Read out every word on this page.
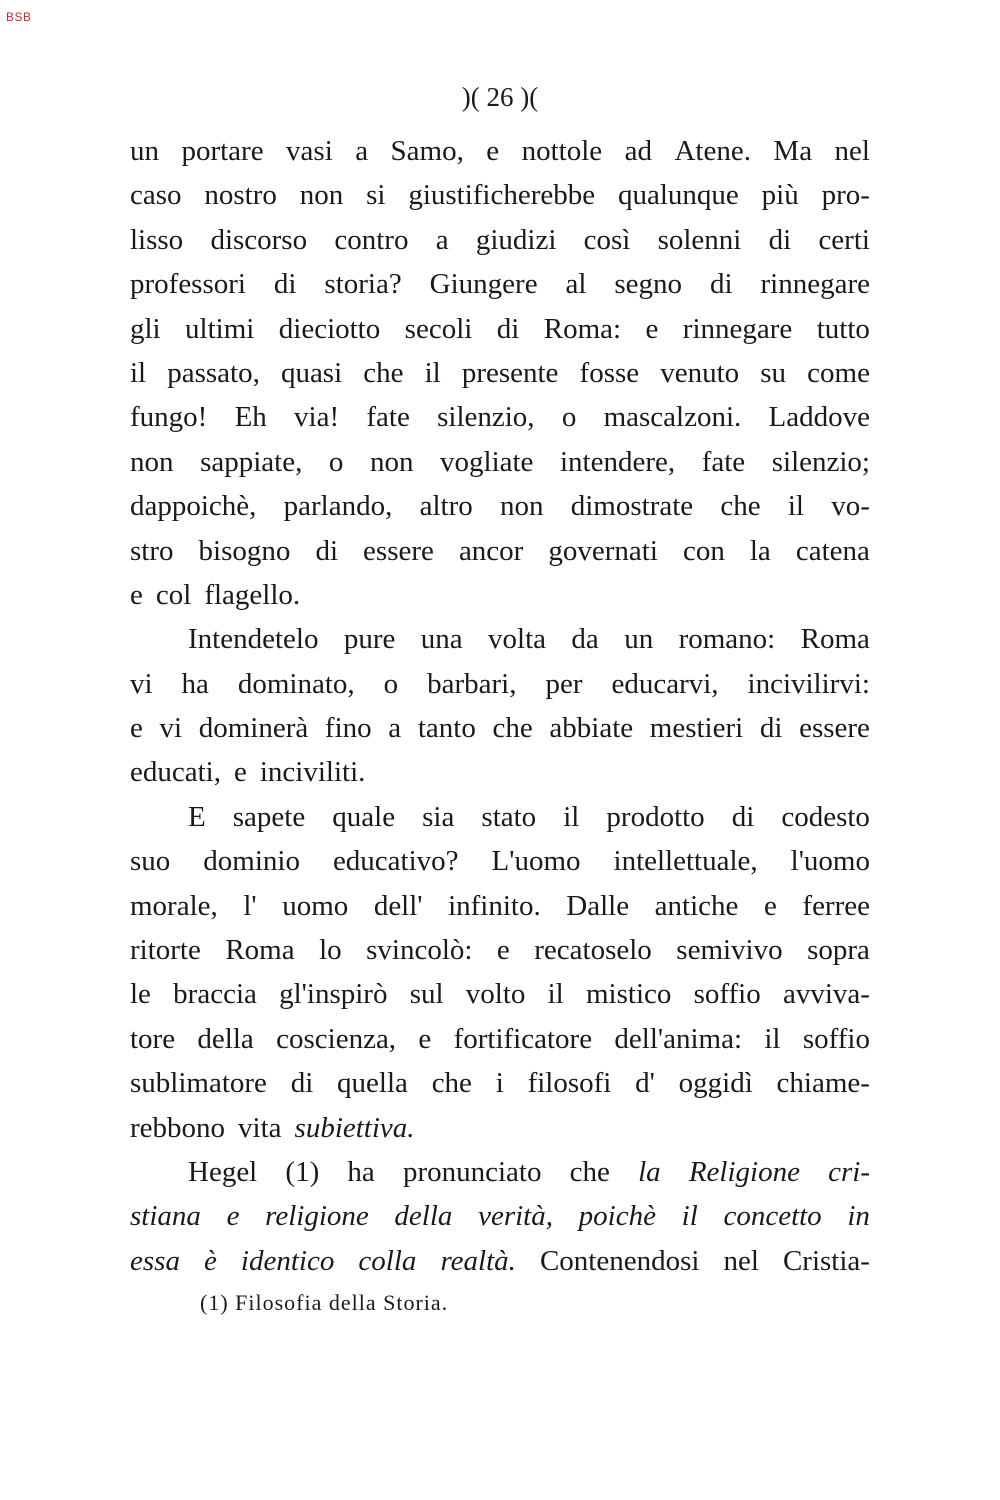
BSB
)( 26 )(
un portare vasi a Samo, e nottole ad Atene. Ma nel
caso nostro non si giustificherebbe qualunque più pro-
lisso discorso contro a giudizi così solenni di certi
professori di storia? Giungere al segno di rinnegare
gli ultimi dieciotto secoli di Roma: e rinnegare tutto
il passato, quasi che il presente fosse venuto su come
fungo! Eh via! fate silenzio, o mascalzoni. Laddove
non sappiate, o non vogliate intendere, fate silenzio;
dappoichè, parlando, altro non dimostrate che il vo-
stro bisogno di essere ancor governati con la catena
e col flagello.
Intendetelo pure una volta da un romano: Roma
vi ha dominato, o barbari, per educarvi, incivilirvi:
e vi dominerà fino a tanto che abbiate mestieri di essere
educati, e inciviliti.
E sapete quale sia stato il prodotto di codesto
suo dominio educativo? L'uomo intellettuale, l'uomo
morale, l' uomo dell' infinito. Dalle antiche e ferree
ritorte Roma lo svincolò: e recatoselo semivivo sopra
le braccia gl'inspirò sul volto il mistico soffio avviva-
tore della coscienza, e fortificatore dell'anima: il soffio
sublimatore di quella che i filosofi d' oggidì chiame-
rebbono vita subiettiva.
Hegel (1) ha pronunciato che la Religione cri-
stiana e religione della verità, poichè il concetto in
essa è identico colla realtà. Contenendosi nel Cristia-
(1) Filosofia della Storia.
